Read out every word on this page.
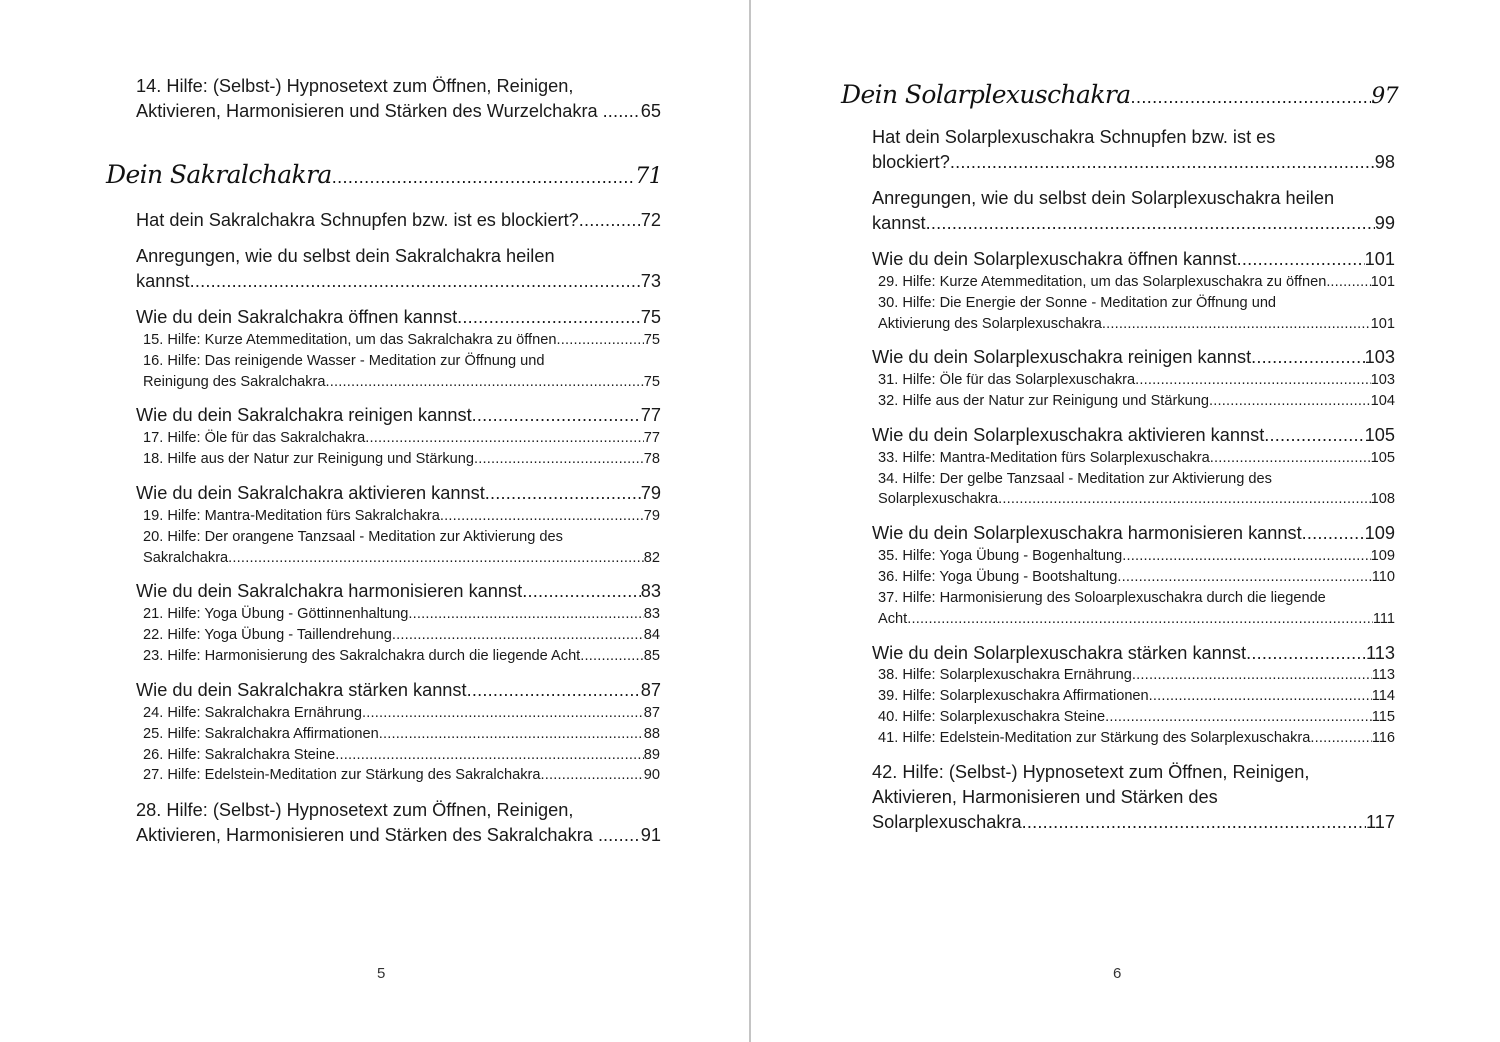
14. Hilfe: (Selbst-) Hypnosetext zum Öffnen, Reinigen,
Aktivieren, Harmonisieren und Stärken des Wurzelchakra . ..... 65
Dein Sakralchakra .....	71
Hat dein Sakralchakra Schnupfen bzw. ist es blockiert? .....	72
Anregungen, wie du selbst dein Sakralchakra heilen
kannst .....	73
Wie du dein Sakralchakra öffnen kannst .....	75
15. Hilfe: Kurze Atemmeditation, um das Sakralchakra zu öffnen .....	75
16. Hilfe: Das reinigende Wasser - Meditation zur Öffnung und
Reinigung des Sakralchakra .....	75
Wie du dein Sakralchakra reinigen kannst .....	77
17. Hilfe: Öle für das Sakralchakra .....	77
18. Hilfe aus der Natur zur Reinigung und Stärkung .....	78
Wie du dein Sakralchakra aktivieren kannst .....	79
19. Hilfe: Mantra-Meditation fürs Sakralchakra .....	79
20. Hilfe: Der orangene Tanzsaal - Meditation zur Aktivierung des
Sakralchakra .....	82
Wie du dein Sakralchakra harmonisieren kannst .....	83
21. Hilfe: Yoga Übung - Göttinnenhaltung .....	83
22. Hilfe: Yoga Übung - Taillendrehung .....	84
23. Hilfe: Harmonisierung des Sakralchakra durch die liegende Acht .....	85
Wie du dein Sakralchakra stärken kannst .....	87
24. Hilfe: Sakralchakra Ernährung .....	87
25. Hilfe: Sakralchakra Affirmationen .....	88
26. Hilfe: Sakralchakra Steine .....	89
27. Hilfe: Edelstein-Meditation zur Stärkung des Sakralchakra .....	90
28. Hilfe: (Selbst-) Hypnosetext zum Öffnen, Reinigen,
Aktivieren, Harmonisieren und Stärken des Sakralchakra .. ..... 91
5
Dein Solarplexuschakra .....	97
Hat dein Solarplexuschakra Schnupfen bzw. ist es
blockiert? .....	98
Anregungen, wie du selbst dein Solarplexuschakra heilen
kannst .....	99
Wie du dein Solarplexuschakra öffnen kannst .....	101
29. Hilfe: Kurze Atemmeditation, um das Solarplexuschakra zu öffnen. .....	101
30. Hilfe: Die Energie der Sonne - Meditation zur Öffnung und
Aktivierung des Solarplexuschakra .....	101
Wie du dein Solarplexuschakra reinigen kannst .....	103
31. Hilfe: Öle für das Solarplexuschakra .....	103
32. Hilfe aus der Natur zur Reinigung und Stärkung .....	104
Wie du dein Solarplexuschakra aktivieren kannst .....	105
33. Hilfe: Mantra-Meditation fürs Solarplexuschakra .....	105
34. Hilfe: Der gelbe Tanzsaal - Meditation zur Aktivierung des
Solarplexuschakra .....	108
Wie du dein Solarplexuschakra harmonisieren kannst .....	109
35. Hilfe: Yoga Übung - Bogenhaltung .....	109
36. Hilfe: Yoga Übung - Bootshaltung .....	110
37. Hilfe: Harmonisierung des Soloarplexuschakra durch die liegende
Acht .....	111
Wie du dein Solarplexuschakra stärken kannst .....	113
38. Hilfe: Solarplexuschakra Ernährung .....	113
39. Hilfe: Solarplexuschakra Affirmationen .....	114
40. Hilfe: Solarplexuschakra Steine .....	115
41. Hilfe: Edelstein-Meditation zur Stärkung des Solarplexuschakra .....	116
42. Hilfe: (Selbst-) Hypnosetext zum Öffnen, Reinigen,
Aktivieren, Harmonisieren und Stärken des
Solarplexuschakra .....	117
6
